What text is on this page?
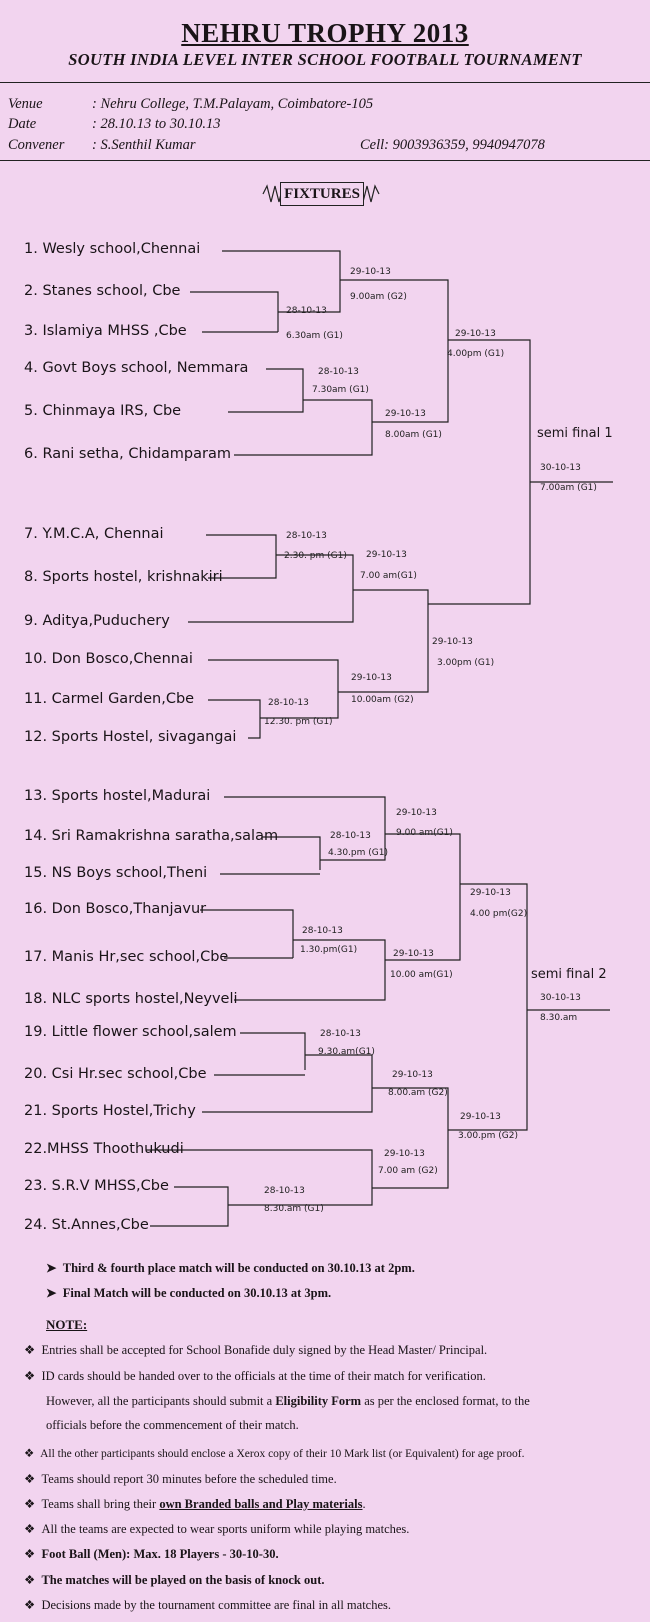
NEHRU TROPHY 2013
SOUTH INDIA LEVEL INTER SCHOOL FOOTBALL TOURNAMENT
Venue	: Nehru College, T.M.Palayam, Coimbatore-105
Date	: 28.10.13 to 30.10.13
Convener : S.Senthil Kumar	Cell: 9003936359, 9940947078
FIXTURES
1. Wesly school,Chennai
2. Stanes school, Cbe
3. Islamiya MHSS ,Cbe
4. Govt Boys school, Nemmara
5. Chinmaya IRS, Cbe
6. Rani setha, Chidamparam
7. Y.M.C.A, Chennai
8. Sports hostel, krishnakiri
9. Aditya,Puduchery
10. Don Bosco,Chennai
11. Carmel Garden,Cbe
12. Sports Hostel, sivagangai
13. Sports hostel,Madurai
14. Sri Ramakrishna saratha,salam
15. NS Boys school,Theni
16. Don Bosco,Thanjavur
17. Manis Hr,sec school,Cbe
18. NLC sports hostel,Neyveli
19. Little flower school,salem
20. Csi Hr.sec school,Cbe
21. Sports Hostel,Trichy
22.MHSS Thoothukudi
23. S.R.V MHSS,Cbe
24. St.Annes,Cbe
28-10-13
6.30am (G1)
29-10-13
9.00am (G2)
28-10-13
7.30am (G1)
29-10-13
8.00am (G1)
29-10-13
4.00pm (G1)
28-10-13
2.30. pm (G1) 29-10-13
7.00 am(G1)
28-10-13
12.30. pm (G1)
29-10-13
10.00am (G2)
29-10-13
3.00pm (G1)
30-10-13
7.00am (G1)
28-10-13
4.30.pm (G1)
29-10-13
9.00 am(G1)
28-10-13
1.30.pm(G1)	29-10-13
10.00 am(G1)
29-10-13
4.00 pm(G2)
28-10-13
9.30.am(G1)
29-10-13
8.00.am (G2)
28-10-13
8.30.am (G1)
29-10-13
7.00 am (G2)
29-10-13
3.00.pm (G2)
30-10-13
8.30.am
semi final 1
semi final 2
➤ Third & fourth place match will be conducted on 30.10.13 at 2pm.
➤ Final Match will be conducted on 30.10.13 at 3pm.
NOTE:
❖ Entries shall be accepted for School Bonafide duly signed by the Head Master/ Principal.
❖ ID cards should be handed over to the officials at the time of their match for verification.
However, all the participants should submit a Eligibility Form as per the enclosed format, to the
officials before the commencement of their match.
❖ All the other participants should enclose a Xerox copy of their 10 Mark list (or Equivalent) for age proof.
❖ Teams should report 30 minutes before the scheduled time.
❖ Teams shall bring their own Branded balls and Play materials.
❖ All the teams are expected to wear sports uniform while playing matches.
❖ Foot Ball (Men): Max. 18 Players - 30-10-30.
❖ The matches will be played on the basis of knock out.
❖ Decisions made by the tournament committee are final in all matches.
